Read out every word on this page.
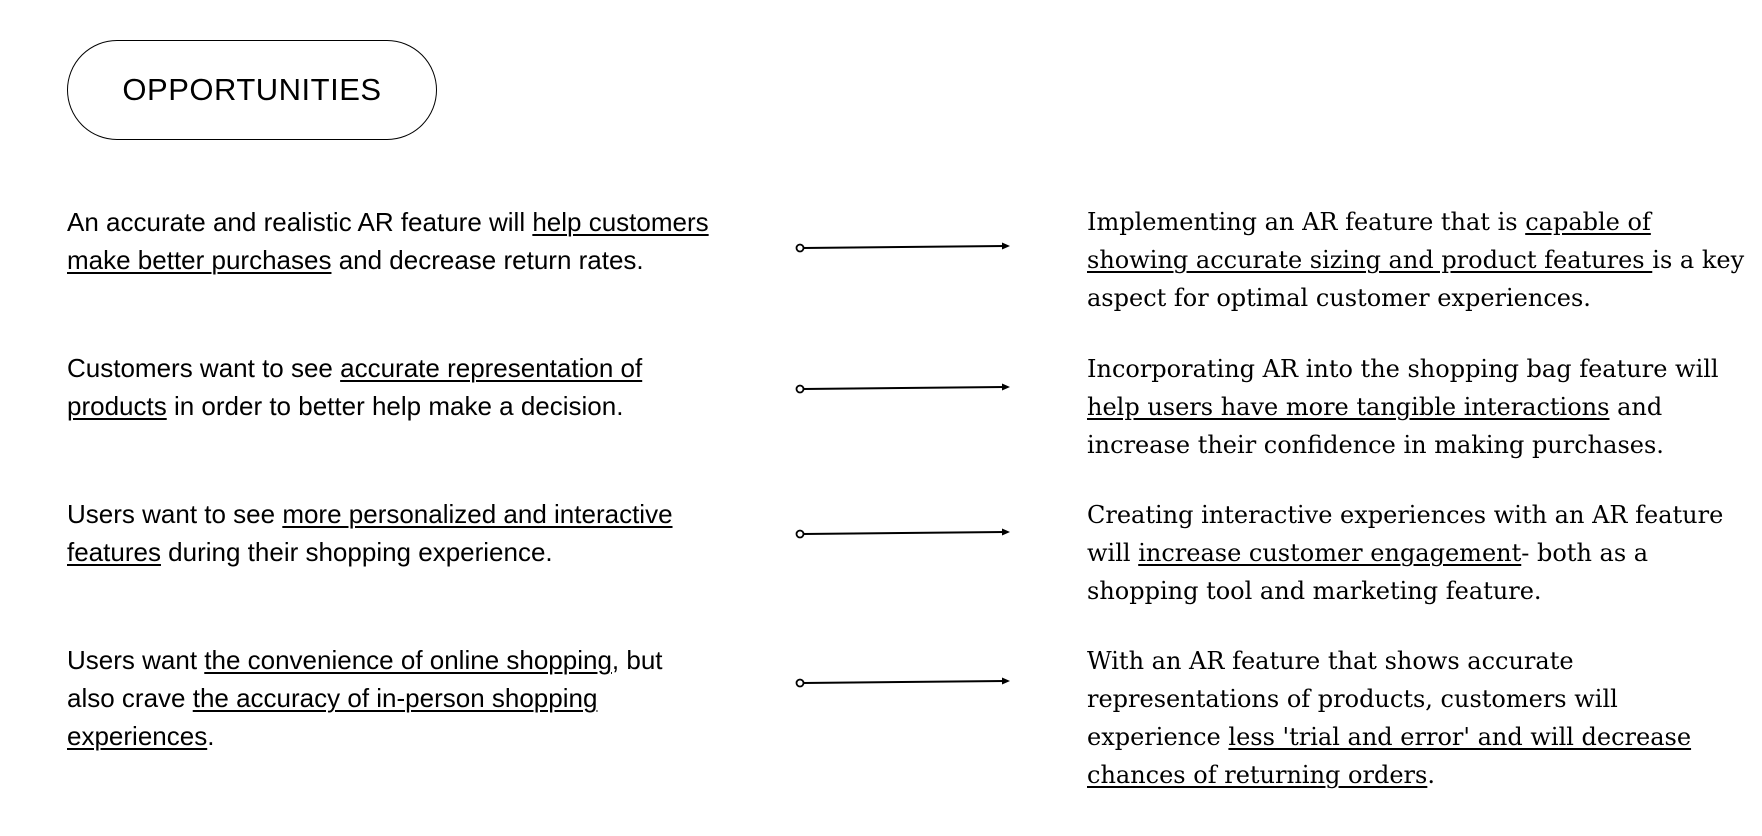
OPPORTUNITIES
An accurate and realistic AR feature will help customers make better purchases and decrease return rates.
Implementing an AR feature that is capable of showing accurate sizing and product features is a key aspect for optimal customer experiences.
Customers want to see accurate representation of products in order to better help make a decision.
Incorporating AR into the shopping bag feature will help users have more tangible interactions and increase their confidence in making purchases.
Users want to see more personalized and interactive features during their shopping experience.
Creating interactive experiences with an AR feature will increase customer engagement- both as a shopping tool and marketing feature.
Users want the convenience of online shopping, but also crave the accuracy of in-person shopping experiences.
With an AR feature that shows accurate representations of products, customers will experience less 'trial and error' and will decrease chances of returning orders.
